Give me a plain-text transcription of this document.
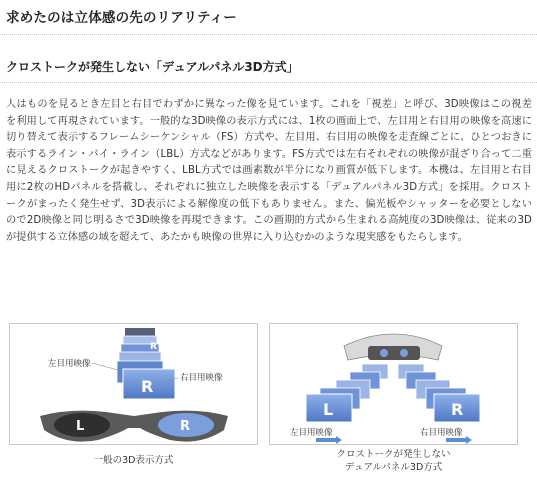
求めたのは立体感の先のリアリティー
クロストークが発生しない「デュアルパネル3D方式」

人はものを見るとき左目と右目でわずかに異なった像を見ています。これを「視差」と呼び、3D映像はこの視差を利用して再現されています。一般的な3D映像の表示方式には、1枚の画面上で、左目用と右目用の映像を高速に切り替えて表示するフレームシーケンシャル（FS）方式や、左目用、右目用の映像を走査線ごとに、ひとつおきに表示するライン・バイ・ライン（LBL）方式などがあります。FS方式では左右それぞれの映像が混ざり合って二重に見えるクロストークが起きやすく、LBL方式では画素数が半分になり画質が低下します。本機は、左目用と右目用に2枚のHDパネルを搭載し、それぞれに独立した映像を表示する「デュアルパネル3D方式」を採用。クロストークがまったく発生せず、3D表示による解像度の低下もありません。また、偏光板やシャッターを必要としないので2D映像と同じ明るさで3D映像を再現できます。この画期的方式から生まれる高純度の3D映像は、従来の3Dが提供する立体感の域を超えて、あたかも映像の世界に入り込むかのような現実感をもたらします。

R
R
左目用映像
右目用映像
L	R
一般の3D表示方式
L	R
左目用映像	右目用映像
クロストークが発生しない
デュアルパネル3D方式
